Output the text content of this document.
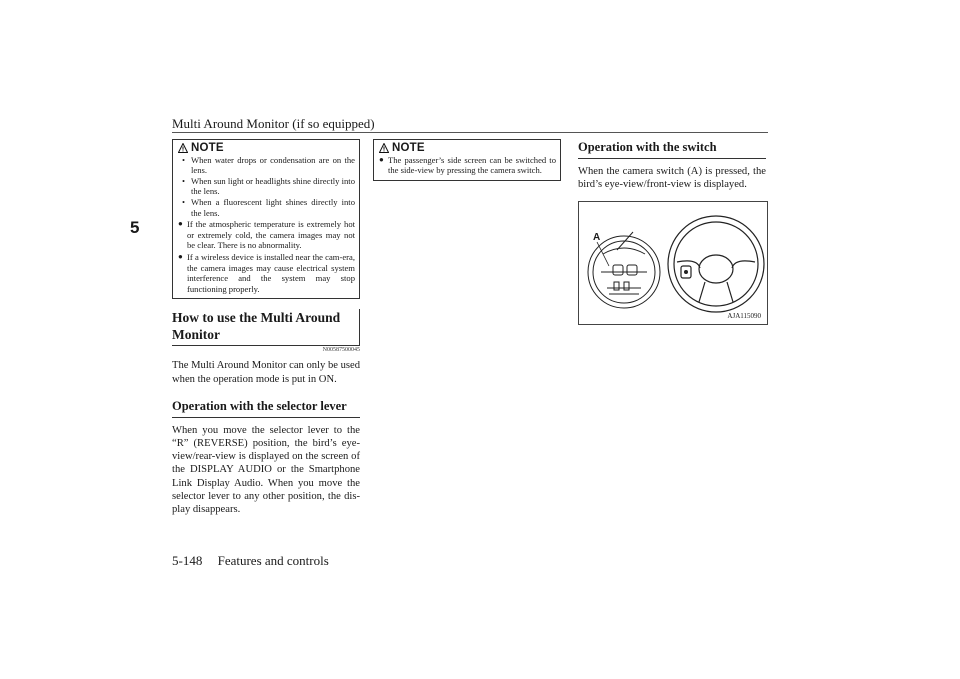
Multi Around Monitor (if so equipped)
5
NOTE
• When water drops or condensation are on the lens.
• When sun light or headlights shine directly into the lens.
• When a fluorescent light shines directly into the lens.
● If the atmospheric temperature is extremely hot or extremely cold, the camera images may not be clear. There is no abnormality.
● If a wireless device is installed near the cam-era, the camera images may cause electrical system interference and the system may stop functioning properly.
How to use the Multi Around Monitor
N00587500045
The Multi Around Monitor can only be used when the operation mode is put in ON.
Operation with the selector lever
When you move the selector lever to the “R” (REVERSE) position, the bird’s eye-view/rear-view is displayed on the screen of the DISPLAY AUDIO or the Smartphone Link Display Audio. When you move the selector lever to any other position, the dis-play disappears.
NOTE
● The passenger’s side screen can be switched to the side-view by pressing the camera switch.
Operation with the switch
When the camera switch (A) is pressed, the bird’s eye-view/front-view is displayed.
A
AJA115090
5-148 Features and controls
